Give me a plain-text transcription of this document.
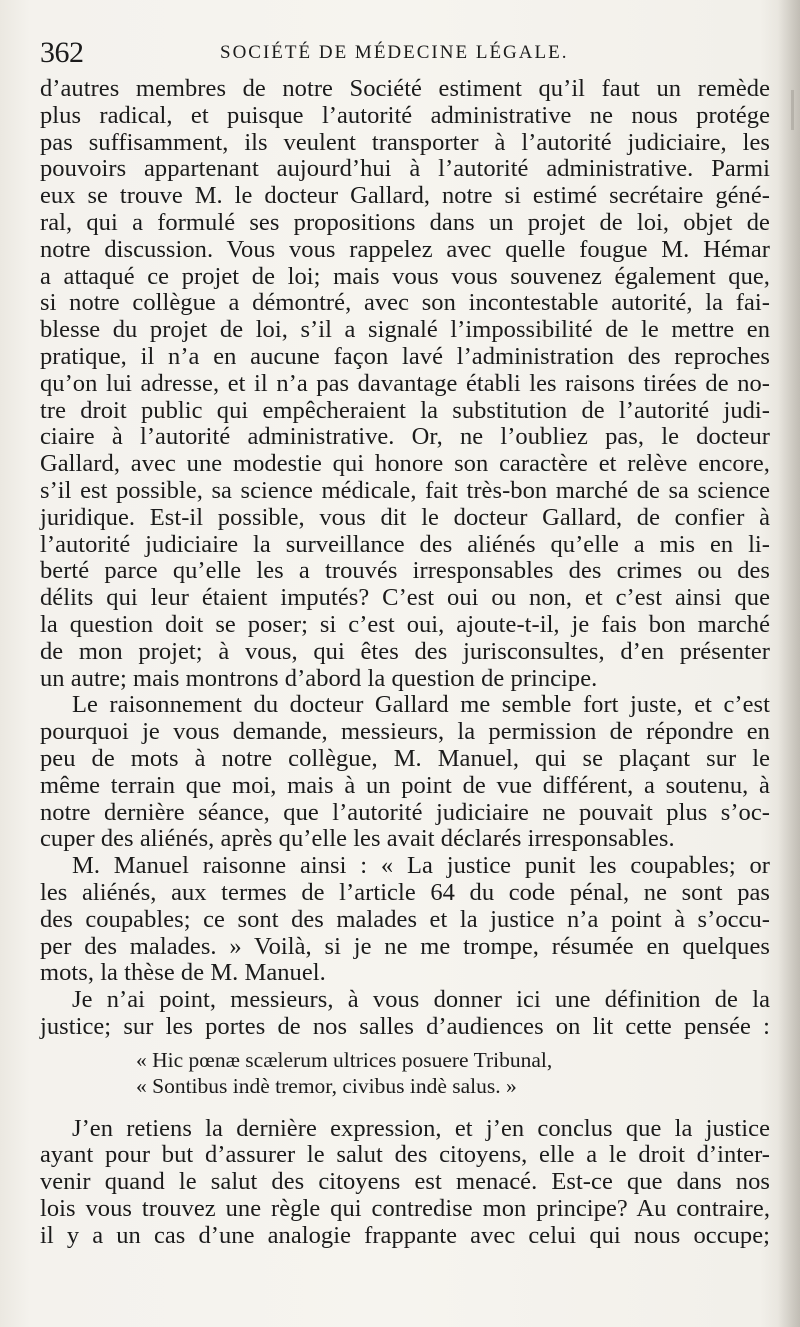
362	SOCIÉTÉ DE MÉDECINE LÉGALE.
d’autres membres de notre Société estiment qu’il faut un remède
plus radical, et puisque l’autorité administrative ne nous protége
pas suffisamment, ils veulent transporter à l’autorité judiciaire, les
pouvoirs appartenant aujourd’hui à l’autorité administrative. Parmi
eux se trouve M. le docteur Gallard, notre si estimé secrétaire géné-
ral, qui a formulé ses propositions dans un projet de loi, objet de
notre discussion. Vous vous rappelez avec quelle fougue M. Hémar
a attaqué ce projet de loi; mais vous vous souvenez également que,
si notre collègue a démontré, avec son incontestable autorité, la fai-
blesse du projet de loi, s’il a signalé l’impossibilité de le mettre en
pratique, il n’a en aucune façon lavé l’administration des reproches
qu’on lui adresse, et il n’a pas davantage établi les raisons tirées de no-
tre droit public qui empêcheraient la substitution de l’autorité judi-
ciaire à l’autorité administrative. Or, ne l’oubliez pas, le docteur
Gallard, avec une modestie qui honore son caractère et relève encore,
s’il est possible, sa science médicale, fait très-bon marché de sa science
juridique. Est-il possible, vous dit le docteur Gallard, de confier à
l’autorité judiciaire la surveillance des aliénés qu’elle a mis en li-
berté parce qu’elle les a trouvés irresponsables des crimes ou des
délits qui leur étaient imputés? C’est oui ou non, et c’est ainsi que
la question doit se poser; si c’est oui, ajoute-t-il, je fais bon marché
de mon projet; à vous, qui êtes des jurisconsultes, d’en présenter
un autre; mais montrons d’abord la question de principe.
Le raisonnement du docteur Gallard me semble fort juste, et c’est
pourquoi je vous demande, messieurs, la permission de répondre en
peu de mots à notre collègue, M. Manuel, qui se plaçant sur le
même terrain que moi, mais à un point de vue différent, a soutenu, à
notre dernière séance, que l’autorité judiciaire ne pouvait plus s’oc-
cuper des aliénés, après qu’elle les avait déclarés irresponsables.
M. Manuel raisonne ainsi : « La justice punit les coupables; or
les aliénés, aux termes de l’article 64 du code pénal, ne sont pas
des coupables; ce sont des malades et la justice n’a point à s’occu-
per des malades. » Voilà, si je ne me trompe, résumée en quelques
mots, la thèse de M. Manuel.
Je n’ai point, messieurs, à vous donner ici une définition de la
justice; sur les portes de nos salles d’audiences on lit cette pensée :
« Hic pœnæ scælerum ultrices posuere Tribunal,
« Sontibus indè tremor, civibus indè salus. »
J’en retiens la dernière expression, et j’en conclus que la justice
ayant pour but d’assurer le salut des citoyens, elle a le droit d’inter-
venir quand le salut des citoyens est menacé. Est-ce que dans nos
lois vous trouvez une règle qui contredise mon principe? Au contraire,
il y a un cas d’une analogie frappante avec celui qui nous occupe;
